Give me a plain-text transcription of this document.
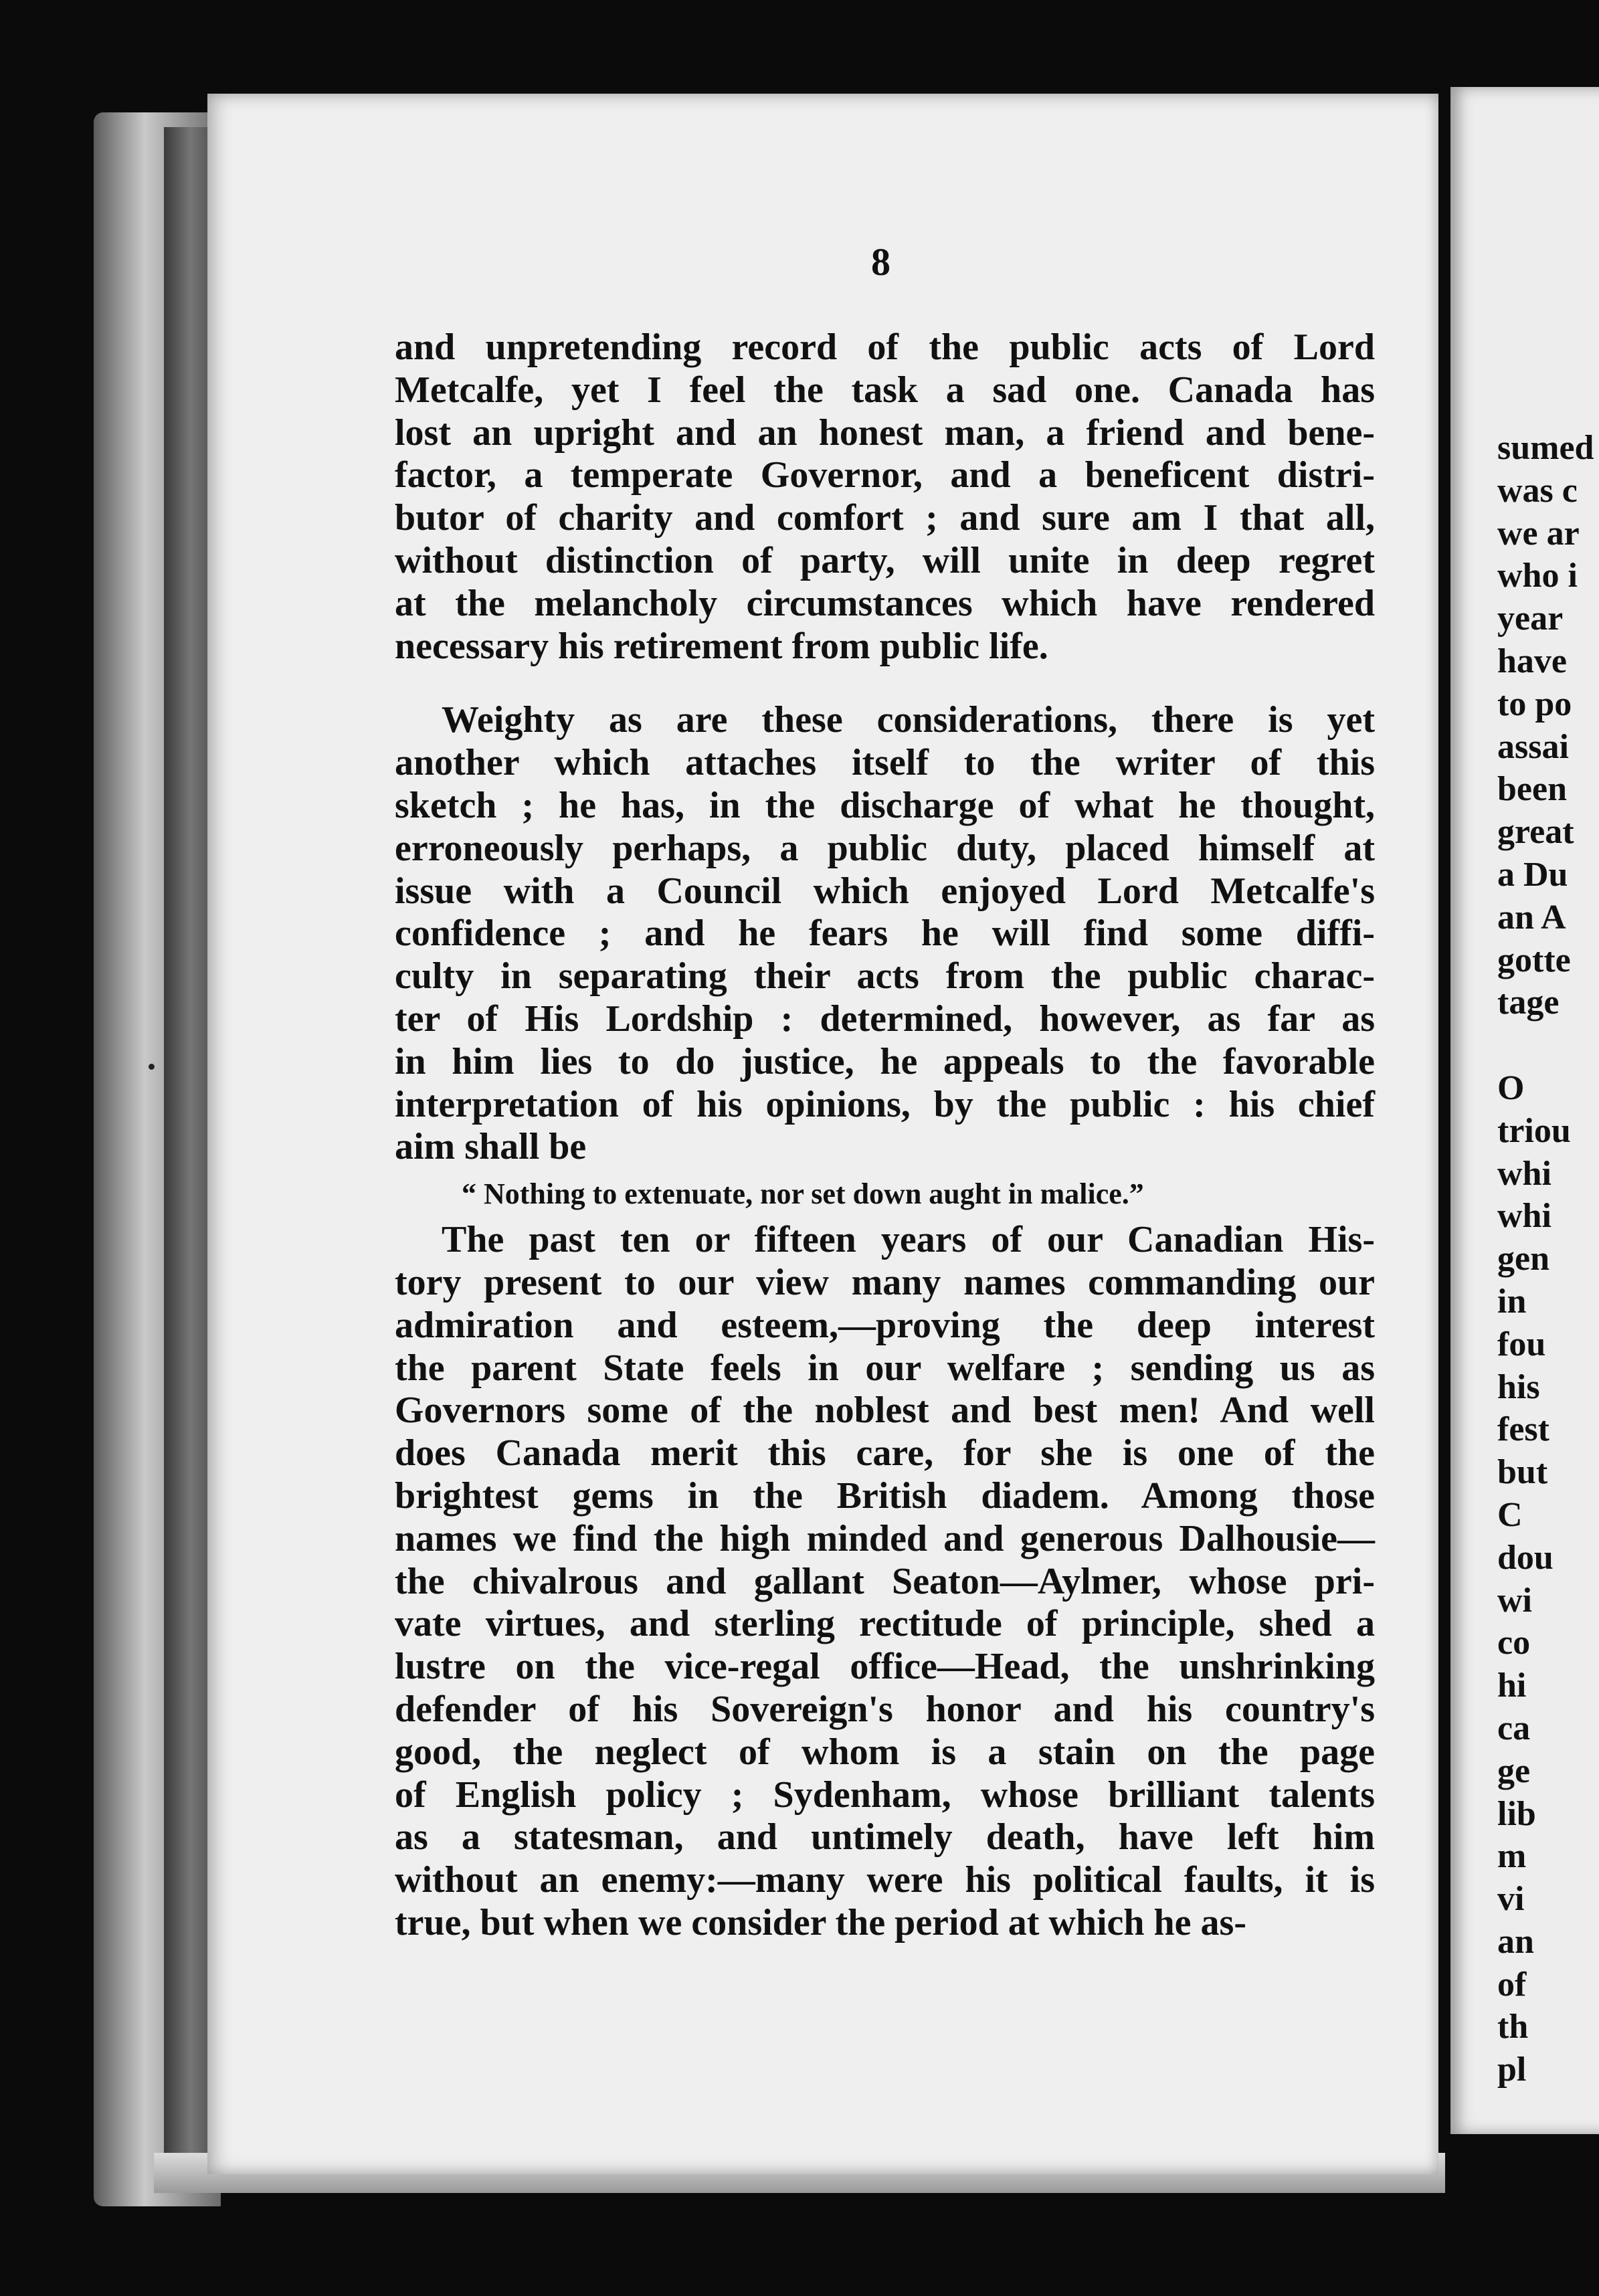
8
and unpretending record of the public acts of Lord
Metcalfe, yet I feel the task a sad one. Canada has
lost an upright and an honest man, a friend and bene-
factor, a temperate Governor, and a beneficent distri-
butor of charity and comfort ; and sure am I that all,
without distinction of party, will unite in deep regret
at the melancholy circumstances which have rendered
necessary his retirement from public life.
Weighty as are these considerations, there is yet
another which attaches itself to the writer of this
sketch ; he has, in the discharge of what he thought,
erroneously perhaps, a public duty, placed himself at
issue with a Council which enjoyed Lord Metcalfe's
confidence ; and he fears he will find some diffi-
culty in separating their acts from the public charac-
ter of His Lordship : determined, however, as far as
in him lies to do justice, he appeals to the favorable
interpretation of his opinions, by the public : his chief
aim shall be
“ Nothing to extenuate, nor set down aught in malice.”
The past ten or fifteen years of our Canadian His-
tory present to our view many names commanding our
admiration and esteem,—proving the deep interest
the parent State feels in our welfare ; sending us as
Governors some of the noblest and best men! And well
does Canada merit this care, for she is one of the
brightest gems in the British diadem. Among those
names we find the high minded and generous Dalhousie—
the chivalrous and gallant Seaton—Aylmer, whose pri-
vate virtues, and sterling rectitude of principle, shed a
lustre on the vice-regal office—Head, the unshrinking
defender of his Sovereign's honor and his country's
good, the neglect of whom is a stain on the page
of English policy ; Sydenham, whose brilliant talents
as a statesman, and untimely death, have left him
without an enemy:—many were his political faults, it is
true, but when we consider the period at which he as-
sumed
was c
we ar
who i
year
have
to po
assai
been
great
a Du
an A
gotte
tage
O
triou
whi
whi
gen
in
fou
his
fest
but
C
dou
wi
co
hi
ca
ge
lib
m
vi
an
of
th
pl
